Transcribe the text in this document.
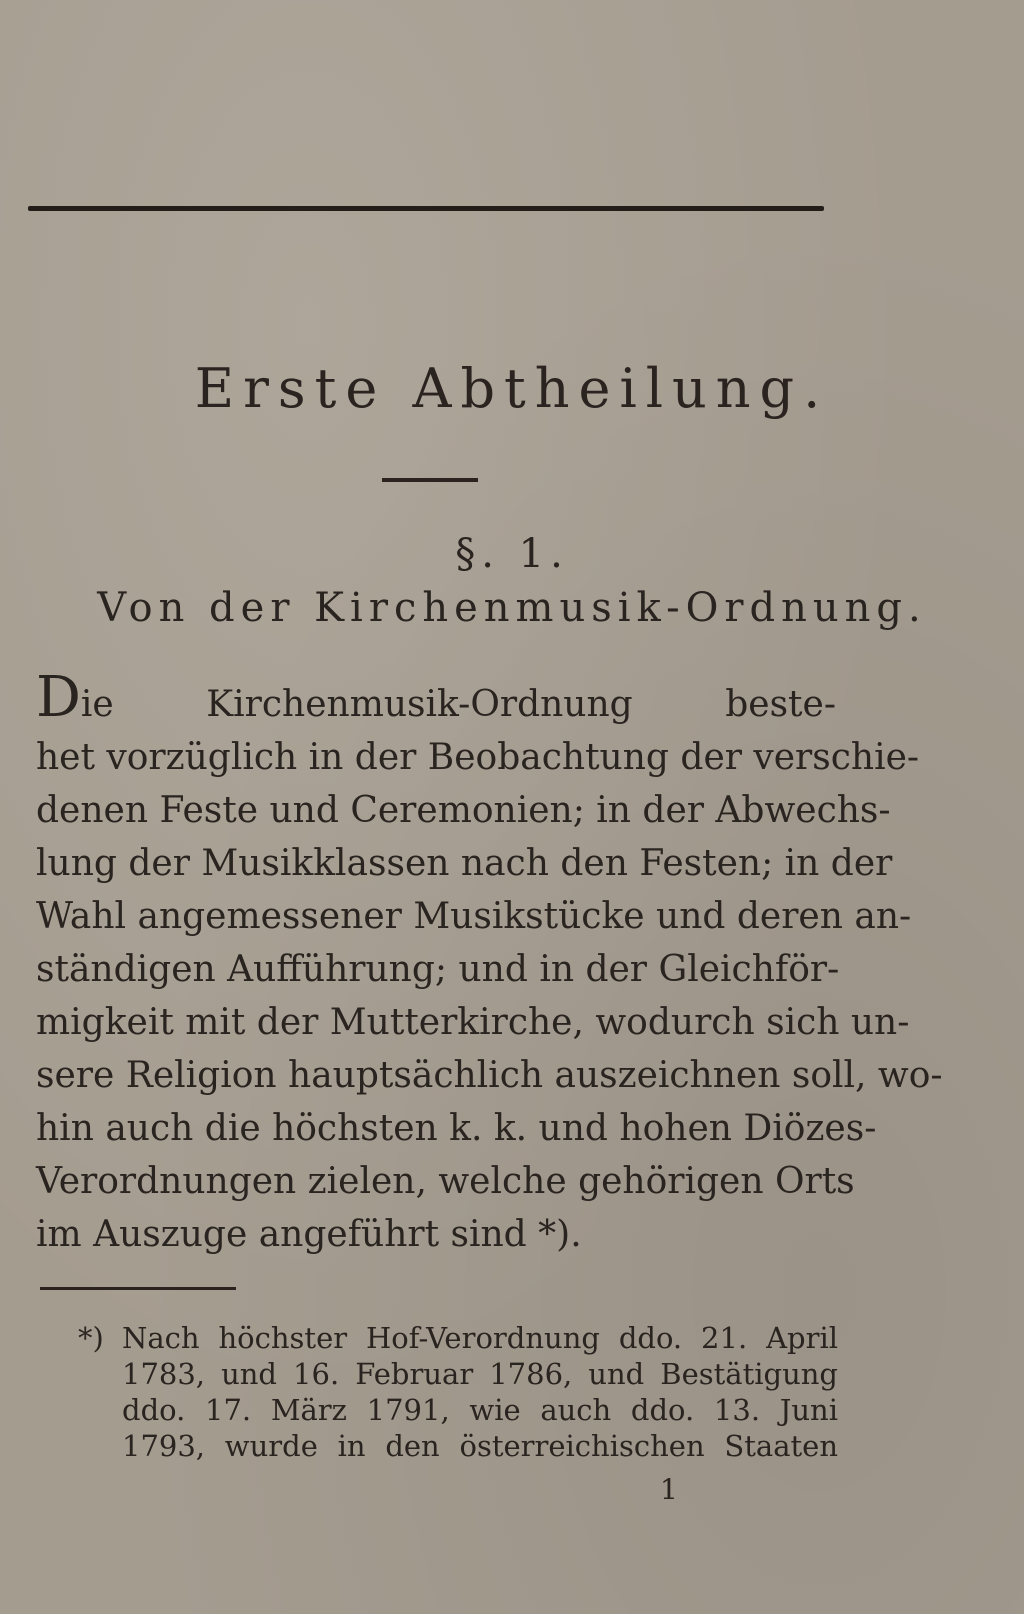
Erste Abtheilung.
§. 1.
Von der Kirchenmusik-Ordnung.
Die Kirchenmusik-Ordnung beste-
het vorzüglich in der Beobachtung der verschie-
denen Feste und Ceremonien; in der Abwechs-
lung der Musikklassen nach den Festen; in der
Wahl angemessener Musikstücke und deren an-
ständigen Aufführung; und in der Gleichför-
migkeit mit der Mutterkirche, wodurch sich un-
sere Religion hauptsächlich auszeichnen soll, wo-
hin auch die höchsten k. k. und hohen Diözes-
Verordnungen zielen, welche gehörigen Orts
im Auszuge angeführt sind *).
*) Nach höchster Hof-Verordnung ddo. 21. April
1783, und 16. Februar 1786, und Bestätigung
ddo. 17. März 1791, wie auch ddo. 13. Juni
1793, wurde in den österreichischen Staaten
1
